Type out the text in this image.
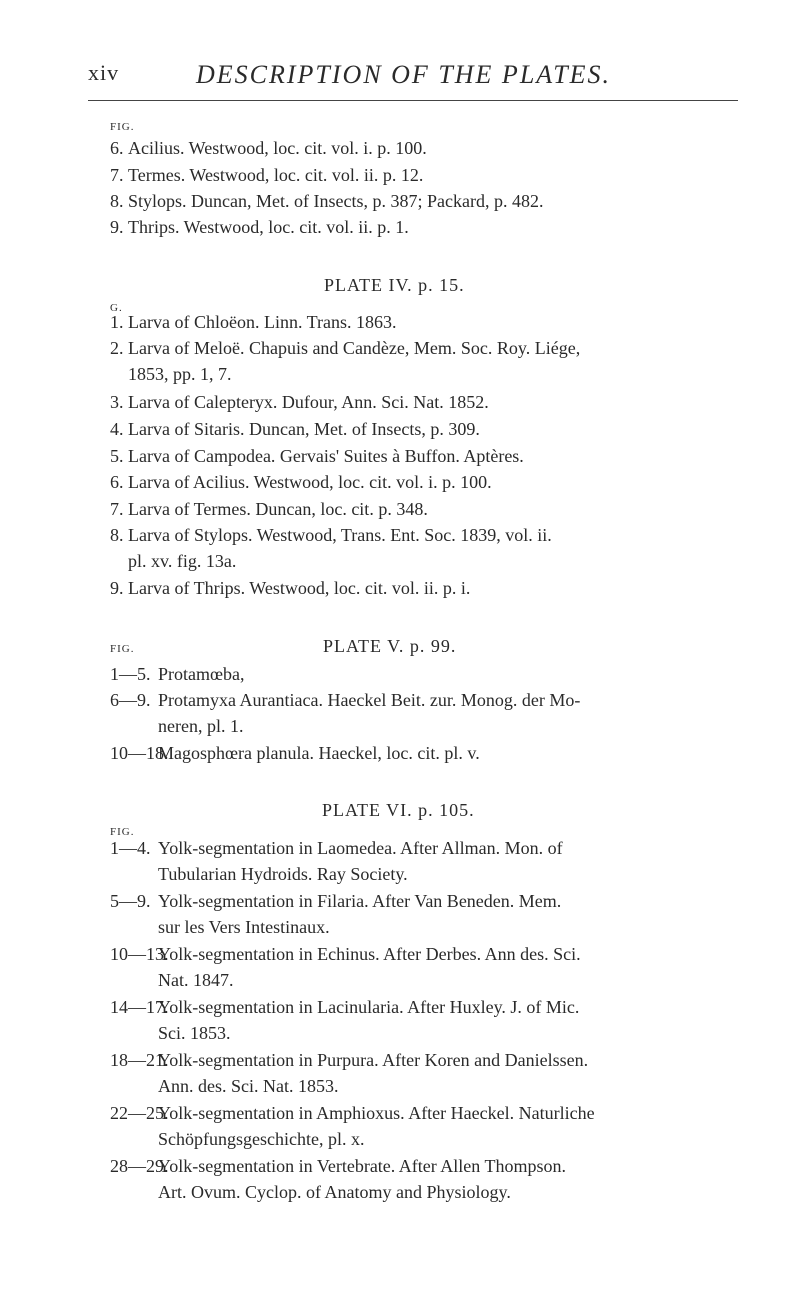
xiv	DESCRIPTION OF THE PLATES.
FIG.
6. Acilius. Westwood, loc. cit. vol. i. p. 100.
7. Termes. Westwood, loc. cit. vol. ii. p. 12.
8. Stylops. Duncan, Met. of Insects, p. 387; Packard, p. 482.
9. Thrips. Westwood, loc. cit. vol. ii. p. 1.
PLATE IV. p. 15.
G.
1. Larva of Chloëon. Linn. Trans. 1863.
2. Larva of Meloë. Chapuis and Candèze, Mem. Soc. Roy. Liége,
1853, pp. 1, 7.
3. Larva of Calepteryx. Dufour, Ann. Sci. Nat. 1852.
4. Larva of Sitaris. Duncan, Met. of Insects, p. 309.
5. Larva of Campodea. Gervais' Suites à Buffon. Aptères.
6. Larva of Acilius. Westwood, loc. cit. vol. i. p. 100.
7. Larva of Termes. Duncan, loc. cit. p. 348.
8. Larva of Stylops. Westwood, Trans. Ent. Soc. 1839, vol. ii.
pl. xv. fig. 13a.
9. Larva of Thrips. Westwood, loc. cit. vol. ii. p. i.
FIG.	PLATE V. p. 99.
1—5. Protamœba,
6—9. Protamyxa Aurantiaca. Haeckel Beit. zur. Monog. der Mo-
neren, pl. 1.
10—18.Magosphœra planula. Haeckel, loc. cit. pl. v.
PLATE VI. p. 105.
FIG.
1—4. Yolk-segmentation in Laomedea. After Allman. Mon. of
Tubularian Hydroids. Ray Society.
5—9. Yolk-segmentation in Filaria. After Van Beneden. Mem.
sur les Vers Intestinaux.
10—13.Yolk-segmentation in Echinus. After Derbes. Ann des. Sci.
Nat. 1847.
14—17.Yolk-segmentation in Lacinularia. After Huxley. J. of Mic.
Sci. 1853.
18—21.Yolk-segmentation in Purpura. After Koren and Danielssen.
Ann. des. Sci. Nat. 1853.
22—25.Yolk-segmentation in Amphioxus. After Haeckel. Naturliche
Schöpfungsgeschichte, pl. x.
28—29.Yolk-segmentation in Vertebrate. After Allen Thompson.
Art. Ovum. Cyclop. of Anatomy and Physiology.
